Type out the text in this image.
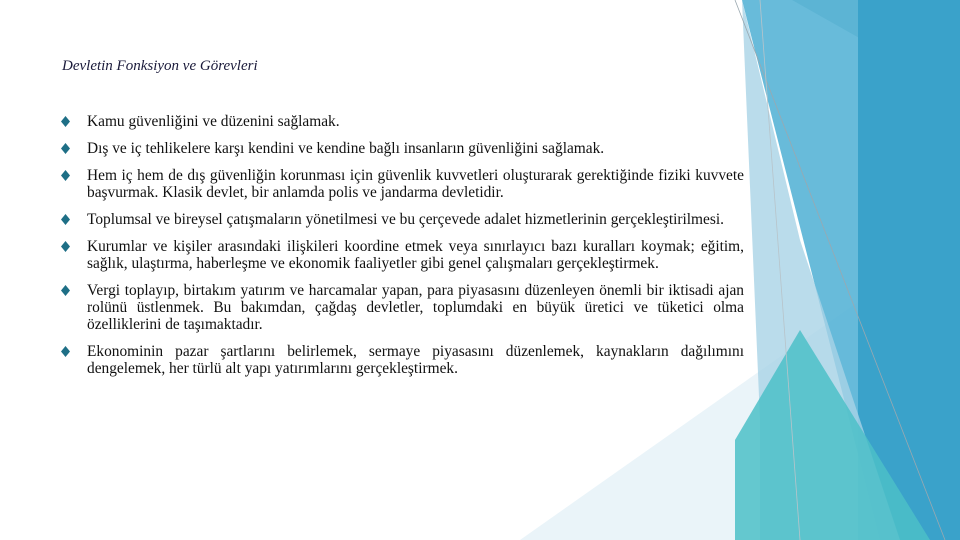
Devletin Fonksiyon ve Görevleri
Kamu güvenliğini ve düzenini sağlamak.
Dış ve iç tehlikelere karşı kendini ve kendine bağlı insanların güvenliğini sağlamak.
Hem iç hem de dış güvenliğin korunması için güvenlik kuvvetleri oluşturarak gerektiğinde fiziki kuvvete başvurmak. Klasik devlet, bir anlamda polis ve jandarma devletidir.
Toplumsal ve bireysel çatışmaların yönetilmesi ve bu çerçevede adalet hizmetlerinin gerçekleştirilmesi.
Kurumlar ve kişiler arasındaki ilişkileri koordine etmek veya sınırlayıcı bazı kuralları koymak; eğitim, sağlık, ulaştırma, haberleşme ve ekonomik faaliyetler gibi genel çalışmaları gerçekleştirmek.
Vergi toplayıp, birtakım yatırım ve harcamalar yapan, para piyasasını düzenleyen önemli bir iktisadi ajan rolünü üstlenmek. Bu bakımdan, çağdaş devletler, toplumdaki en büyük üretici ve tüketici olma özelliklerini de taşımaktadır.
Ekonominin pazar şartlarını belirlemek, sermaye piyasasını düzenlemek, kaynakların dağılımını dengelemek, her türlü alt yapı yatırımlarını gerçekleştirmek.
